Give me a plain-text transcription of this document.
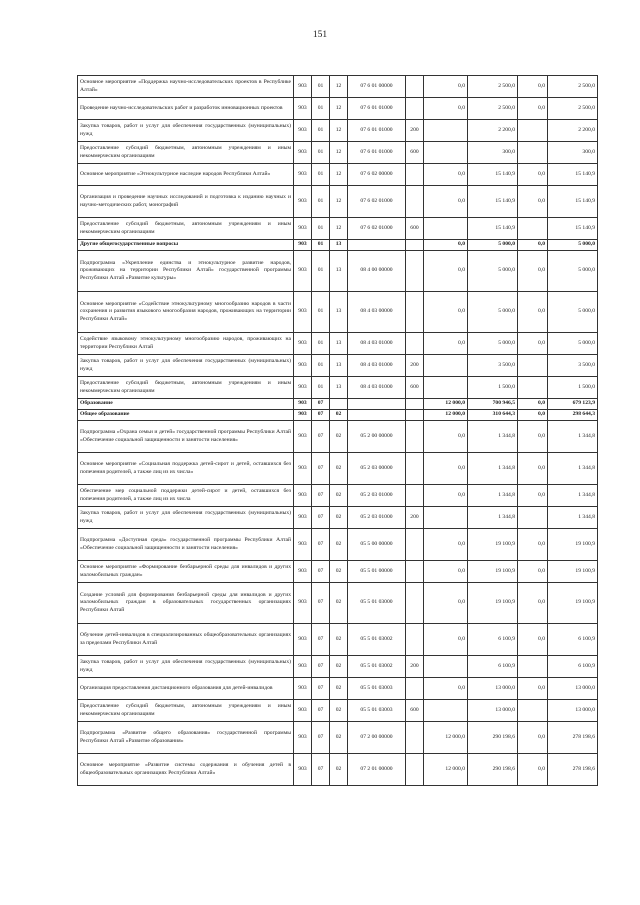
151
Основное мероприятие «Поддержка научно-исследовательских проектов в Республике Алтай»	903	01	12	07 6 01 00000		0,0	2 500,0	0,0	2 500,0
Проведение научно-исследовательских работ и разработок инновационных проектов	903	01	12	07 6 01 01000		0,0	2 500,0	0,0	2 500,0
Закупка товаров, работ и услуг для обеспечения государственных (муниципальных) нужд	903	01	12	07 6 01 01000	200		2 200,0		2 200,0
Предоставление субсидий бюджетным, автономным учреждениям и иным некоммерческим организациям	903	01	12	07 6 01 01000	600		300,0		300,0
Основное мероприятие «Этнокультурное наследие народов Республики Алтай»	903	01	12	07 6 02 00000		0,0	15 140,9	0,0	15 140,9
Организация и проведение научных исследований и подготовка к изданию научных и научно-методических работ, монографий	903	01	12	07 6 02 01000		0,0	15 140,9	0,0	15 140,9
Предоставление субсидий бюджетным, автономным учреждениям и иным некоммерческим организациям	903	01	12	07 6 02 01000	600		15 140,9		15 140,9
Другие общегосударственные вопросы	903	01	13			0,0	5 000,0	0,0	5 000,0
Подпрограмма «Укрепление единства и этнокультурное развитие народов, проживающих на территории Республики Алтай» государственной программы Республики Алтай «Развитие культуры»	903	01	13	08 4 00 00000		0,0	5 000,0	0,0	5 000,0
Основное мероприятие «Содействие этнокультурному многообразию народов в части сохранения и развития языкового многообразия народов, проживающих на территории Республики Алтай»	903	01	13	08 4 03 00000		0,0	5 000,0	0,0	5 000,0
Содействие языковому этнокультурному многообразию народов, проживающих на территории Республики Алтай	903	01	13	08 4 03 01000		0,0	5 000,0	0,0	5 000,0
Закупка товаров, работ и услуг для обеспечения государственных (муниципальных) нужд	903	01	13	08 4 03 01000	200		3 500,0		3 500,0
Предоставление субсидий бюджетным, автономным учреждениям и иным некоммерческим организациям	903	01	13	08 4 03 01000	600		1 500,0		1 500,0
Образование	903	07				12 000,0	700 946,5	0,0	679 123,9
Общее образование	903	07	02			12 000,0	310 644,3	0,0	298 644,3
Подпрограмма «Охрана семьи и детей» государственной программы Республики Алтай «Обеспечение социальной защищенности и занятости населения»	903	07	02	05 2 00 00000		0,0	1 344,8	0,0	1 344,8
Основное мероприятие «Социальная поддержка детей-сирот и детей, оставшихся без попечения родителей, а также лиц из их числа»	903	07	02	05 2 03 00000		0,0	1 344,8	0,0	1 344,8
Обеспечение мер социальной поддержки детей-сирот и детей, оставшихся без попечения родителей, а также лиц из их числа	903	07	02	05 2 03 01000		0,0	1 344,8	0,0	1 344,8
Закупка товаров, работ и услуг для обеспечения государственных (муниципальных) нужд	903	07	02	05 2 03 01000	200		1 344,8		1 344,8
Подпрограмма «Доступная среда» государственной программы Республики Алтай «Обеспечение социальной защищенности и занятости населения»	903	07	02	05 5 00 00000		0,0	19 100,9	0,0	19 100,9
Основное мероприятие «Формирование безбарьерной среды для инвалидов и других маломобильных граждан»	903	07	02	05 5 01 00000		0,0	19 100,9	0,0	19 100,9
Создание условий для формирования безбарьерной среды для инвалидов и других маломобильных граждан в образовательных государственных организациях Республики Алтай	903	07	02	05 5 01 03000		0,0	19 100,9	0,0	19 100,9
Обучение детей-инвалидов в специализированных общеобразовательных организациях за пределами Республики Алтай	903	07	02	05 5 01 03002		0,0	6 100,9	0,0	6 100,9
Закупка товаров, работ и услуг для обеспечения государственных (муниципальных) нужд	903	07	02	05 5 01 03002	200		6 100,9		6 100,9
Организация предоставления дистанционного образования для детей-инвалидов	903	07	02	05 5 01 03003		0,0	13 000,0	0,0	13 000,0
Предоставление субсидий бюджетным, автономным учреждениям и иным некоммерческим организациям	903	07	02	05 5 01 03003	600		13 000,0		13 000,0
Подпрограмма «Развитие общего образования» государственной программы Республики Алтай «Развитие образования»	903	07	02	07 2 00 00000		12 000,0	290 198,6	0,0	278 198,6
Основное мероприятие «Развитие системы содержания и обучения детей в общеобразовательных организациях Республики Алтай»	903	07	02	07 2 01 00000		12 000,0	290 198,6	0,0	278 198,6
